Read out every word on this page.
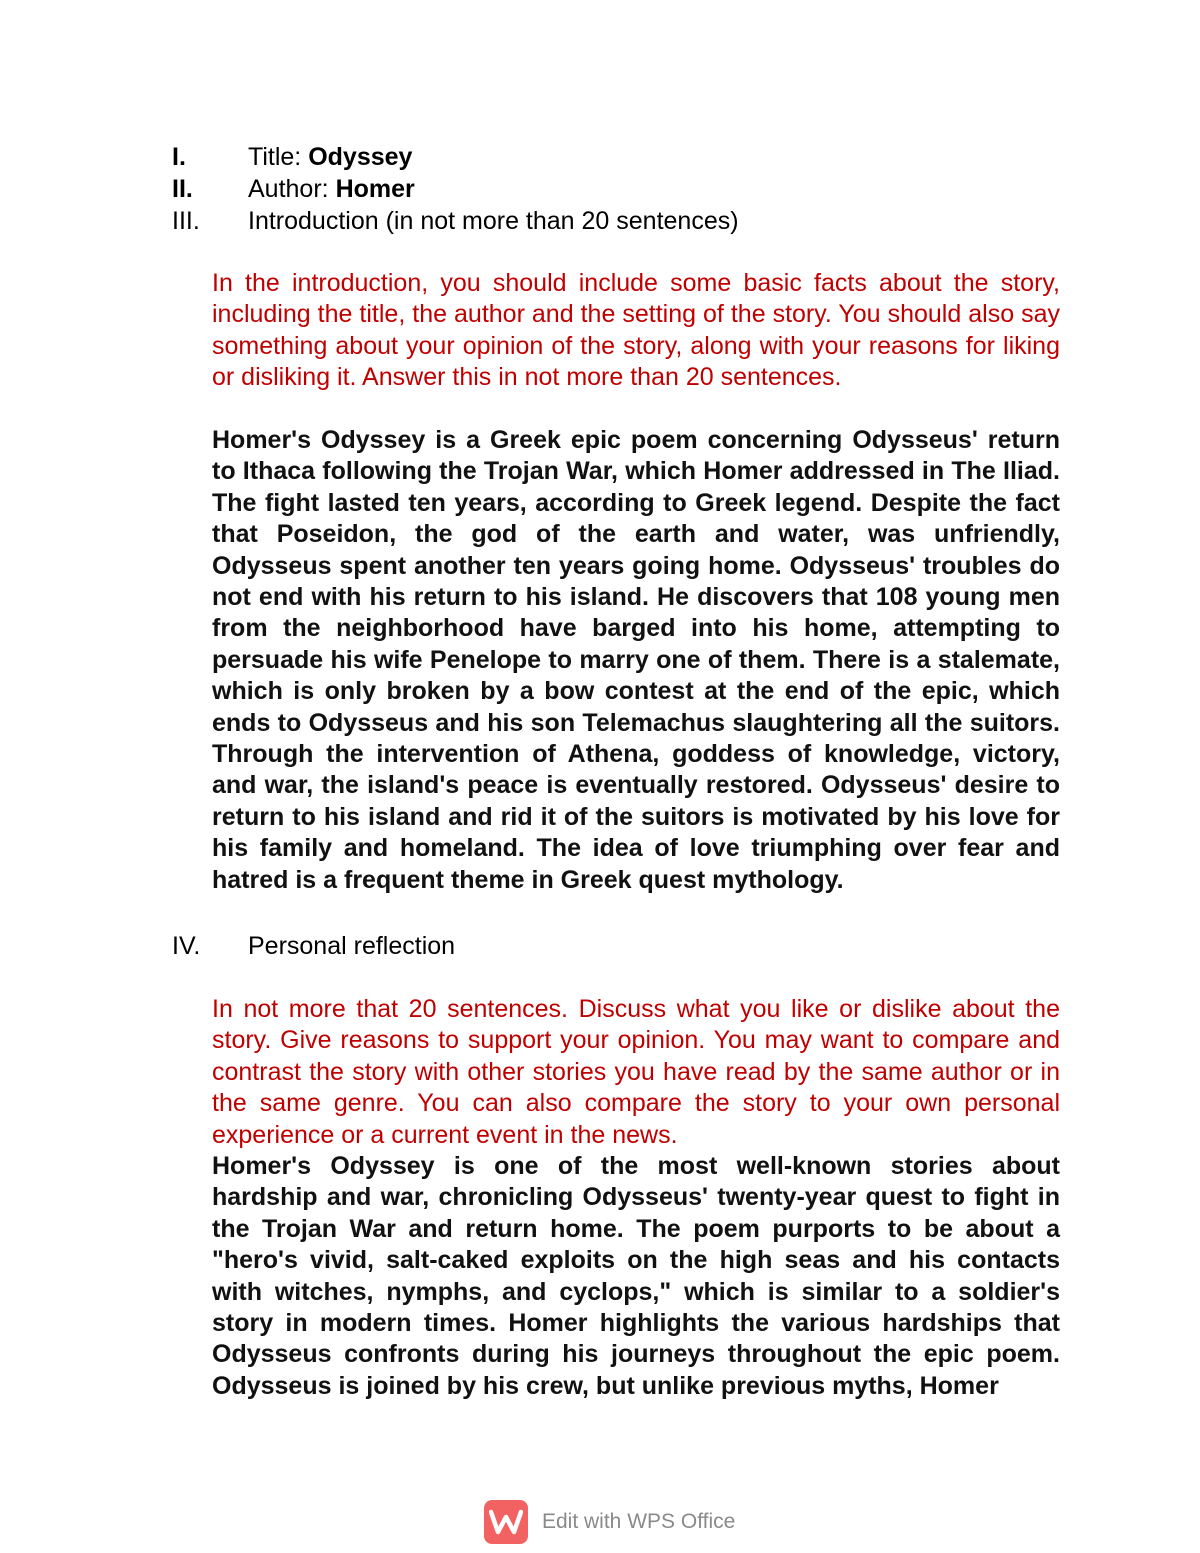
I.	Title: Odyssey
II.	Author: Homer
III.	Introduction (in not more than 20 sentences)

In the introduction, you should include some basic facts about the story, including the title, the author and the setting of the story. You should also say something about your opinion of the story, along with your reasons for liking or disliking it. Answer this in not more than 20 sentences.

Homer's Odyssey is a Greek epic poem concerning Odysseus' return to Ithaca following the Trojan War, which Homer addressed in The Iliad. The fight lasted ten years, according to Greek legend. Despite the fact that Poseidon, the god of the earth and water, was unfriendly, Odysseus spent another ten years going home. Odysseus' troubles do not end with his return to his island. He discovers that 108 young men from the neighborhood have barged into his home, attempting to persuade his wife Penelope to marry one of them. There is a stalemate, which is only broken by a bow contest at the end of the epic, which ends to Odysseus and his son Telemachus slaughtering all the suitors. Through the intervention of Athena, goddess of knowledge, victory, and war, the island's peace is eventually restored. Odysseus' desire to return to his island and rid it of the suitors is motivated by his love for his family and homeland. The idea of love triumphing over fear and hatred is a frequent theme in Greek quest mythology.

IV.	Personal reflection

In not more that 20 sentences. Discuss what you like or dislike about the story. Give reasons to support your opinion. You may want to compare and contrast the story with other stories you have read by the same author or in the same genre. You can also compare the story to your own personal experience or a current event in the news.

Homer's Odyssey is one of the most well-known stories about hardship and war, chronicling Odysseus' twenty-year quest to fight in the Trojan War and return home. The poem purports to be about a "hero's vivid, salt-caked exploits on the high seas and his contacts with witches, nymphs, and cyclops," which is similar to a soldier's story in modern times. Homer highlights the various hardships that Odysseus confronts during his journeys throughout the epic poem. Odysseus is joined by his crew, but unlike previous myths, Homer

Edit with WPS Office
